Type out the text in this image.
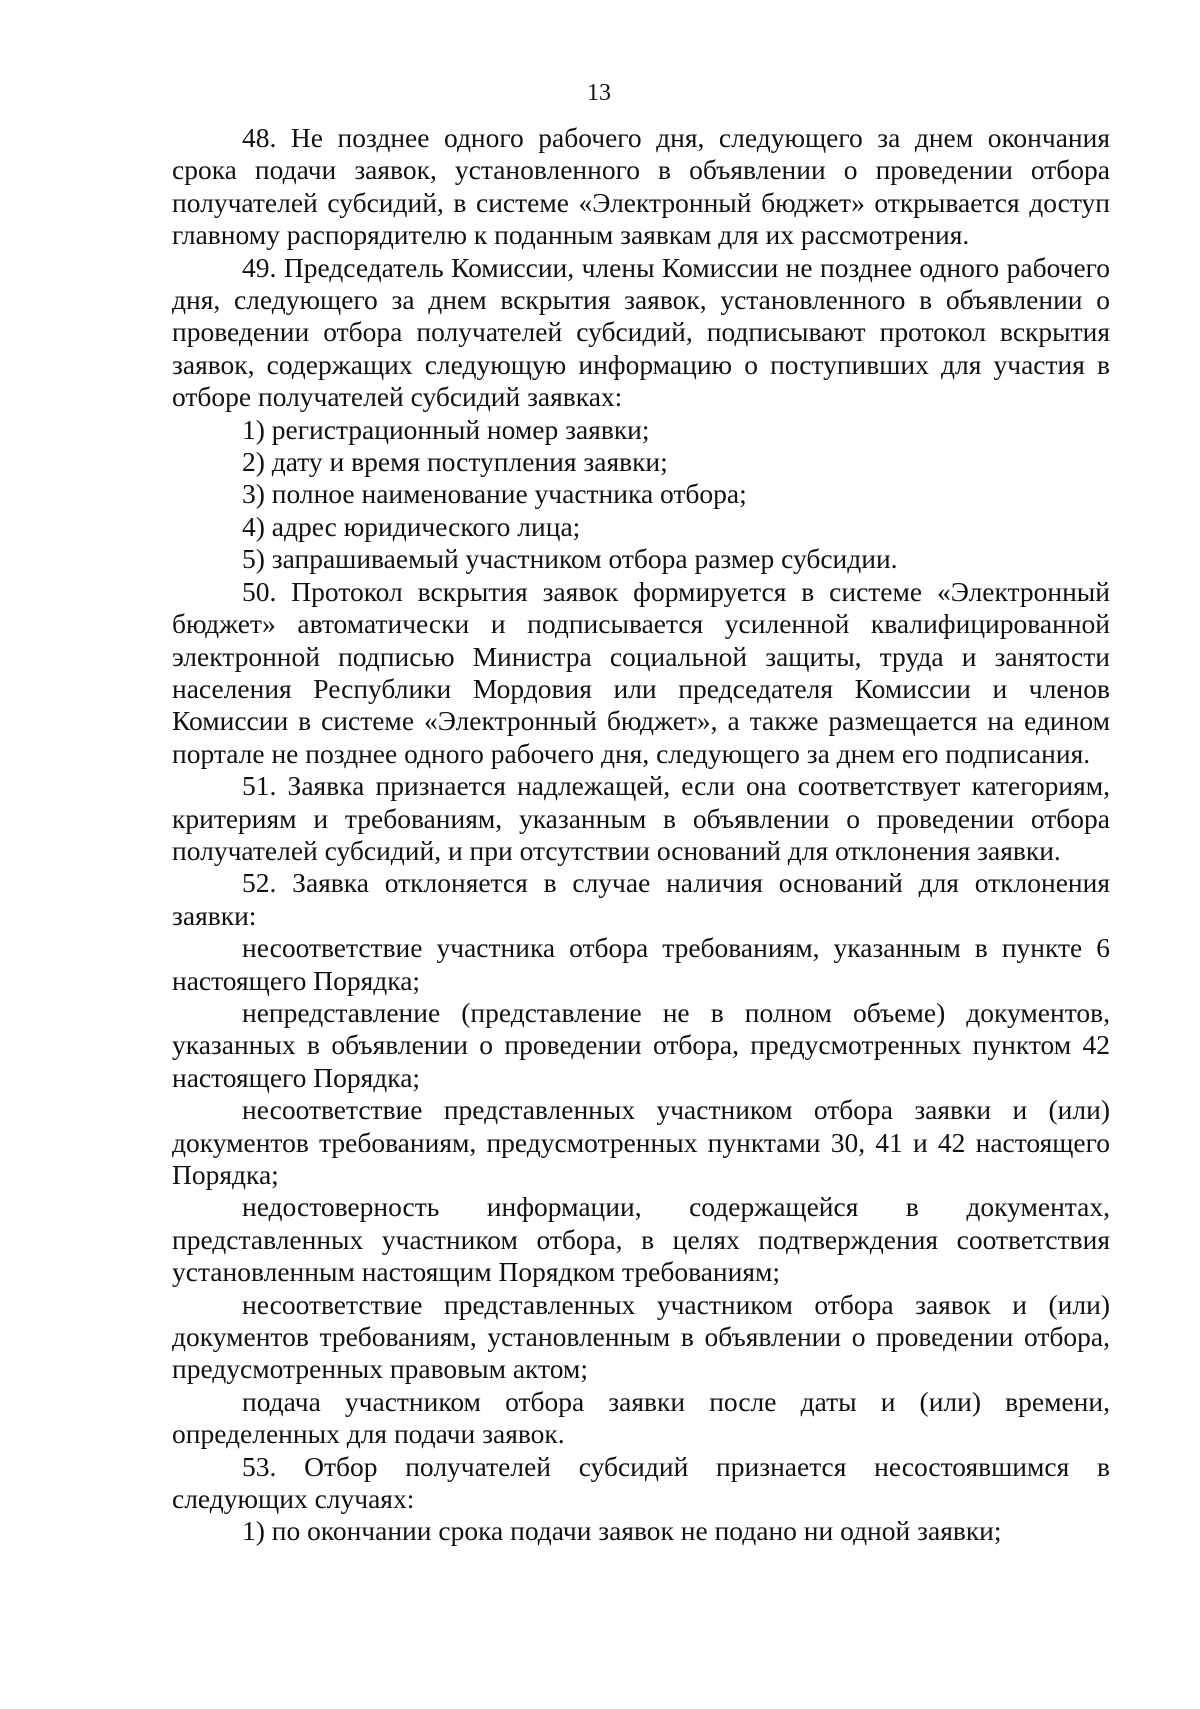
13

48. Не позднее одного рабочего дня, следующего за днем окончания срока подачи заявок, установленного в объявлении о проведении отбора получателей субсидий, в системе «Электронный бюджет» открывается доступ главному распорядителю к поданным заявкам для их рассмотрения.

49. Председатель Комиссии, члены Комиссии не позднее одного рабочего дня, следующего за днем вскрытия заявок, установленного в объявлении о проведении отбора получателей субсидий, подписывают протокол вскрытия заявок, содержащих следующую информацию о поступивших для участия в отборе получателей субсидий заявках:

1) регистрационный номер заявки;

2) дату и время поступления заявки;

3) полное наименование участника отбора;

4) адрес юридического лица;

5) запрашиваемый участником отбора размер субсидии.

50. Протокол вскрытия заявок формируется в системе «Электронный бюджет» автоматически и подписывается усиленной квалифицированной электронной подписью Министра социальной защиты, труда и занятости населения Республики Мордовия или председателя Комиссии и членов Комиссии в системе «Электронный бюджет», а также размещается на едином портале не позднее одного рабочего дня, следующего за днем его подписания.

51. Заявка признается надлежащей, если она соответствует категориям, критериям и требованиям, указанным в объявлении о проведении отбора получателей субсидий, и при отсутствии оснований для отклонения заявки.

52. Заявка отклоняется в случае наличия оснований для отклонения заявки:

несоответствие участника отбора требованиям, указанным в пункте 6 настоящего Порядка;

непредставление (представление не в полном объеме) документов, указанных в объявлении о проведении отбора, предусмотренных пунктом 42 настоящего Порядка;

несоответствие представленных участником отбора заявки и (или) документов требованиям, предусмотренных пунктами 30, 41 и 42 настоящего Порядка;

недостоверность информации, содержащейся в документах, представленных участником отбора, в целях подтверждения соответствия установленным настоящим Порядком требованиям;

несоответствие представленных участником отбора заявок и (или) документов требованиям, установленным в объявлении о проведении отбора, предусмотренных правовым актом;

подача участником отбора заявки после даты и (или) времени, определенных для подачи заявок.

53. Отбор получателей субсидий признается несостоявшимся в следующих случаях:

1) по окончании срока подачи заявок не подано ни одной заявки;
